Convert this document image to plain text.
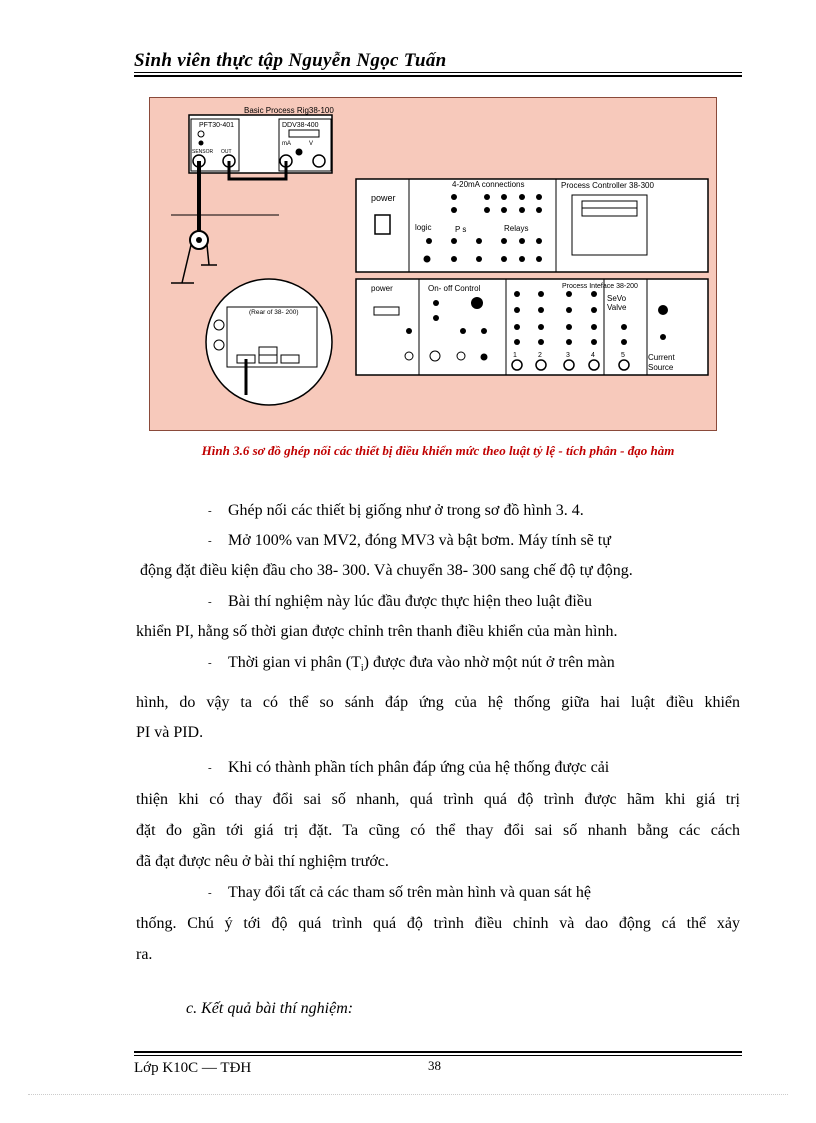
Sinh viên thực tập Nguyễn Ngọc Tuấn
Basic Process Rig38-100
PFT30-401
SENSOR OUT
DDV38-400
mA	V
(Rear of 38- 200)
power
4-20mA connections
logic	P s	Relays
Process Controller 38-300
power	On- off Control	Process Inteface 38-200
SeVo
Valve
1	2	3	4	5	Current
Source
Hình 3.6 sơ đồ ghép nối các thiết bị điều khiển mức theo luật tỷ lệ - tích phân - đạo hàm
- Ghép nối các thiết bị giống như ở trong sơ đồ hình 3. 4.
- Mở 100% van MV2, đóng MV3 và bật bơm. Máy tính sẽ tự
động đặt điều kiện đầu cho 38- 300. Và chuyển 38- 300 sang chế độ tự động.
- Bài thí nghiệm này lúc đầu được thực hiện theo luật điều
khiển PI, hằng số thời gian được chỉnh trên thanh điều khiển của màn hình.
- Thời gian vi phân $(T_i)$ được đưa vào nhờ một nút ở trên màn
hình, do vậy ta có thể so sánh đáp ứng của hệ thống giữa hai luật điều khiển
PI và PID.
- Khi có thành phần tích phân đáp ứng của hệ thống được cải
thiện khi có thay đổi sai số nhanh, quá trình quá độ trình được hãm khi giá trị
đặt đo gần tới giá trị đặt. Ta cũng có thể thay đổi sai số nhanh bằng các cách
đã đạt được nêu ở bài thí nghiệm trước.
- Thay đổi tất cả các tham số trên màn hình và quan sát hệ
thống. Chú ý tới độ quá trình quá độ trình điều chỉnh và dao động cá thể xảy
ra.
c. Kết quả bài thí nghiệm:
Lớp K10C — TĐH	38
